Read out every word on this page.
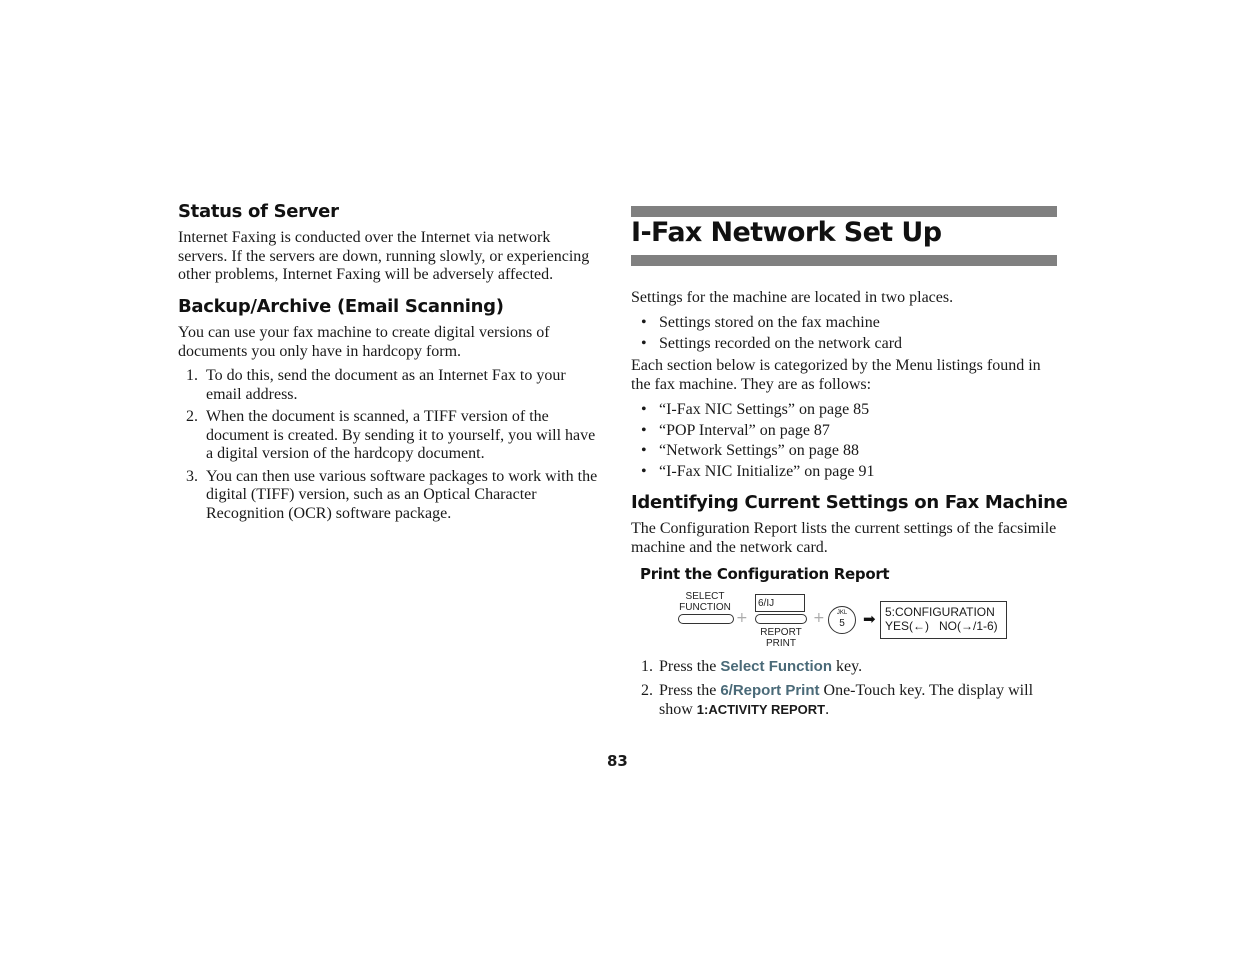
Status of Server
Internet Faxing is conducted over the Internet via network servers. If the servers are down, running slowly, or experiencing other problems, Internet Faxing will be adversely affected.
Backup/Archive (Email Scanning)
You can use your fax machine to create digital versions of documents you only have in hardcopy form.
1. To do this, send the document as an Internet Fax to your email address.
2. When the document is scanned, a TIFF version of the document is created. By sending it to yourself, you will have a digital version of the hardcopy document.
3. You can then use various software packages to work with the digital (TIFF) version, such as an Optical Character Recognition (OCR) software package.
I-Fax Network Set Up
Settings for the machine are located in two places.
• Settings stored on the fax machine
• Settings recorded on the network card
Each section below is categorized by the Menu listings found in the fax machine. They are as follows:
• “I-Fax NIC Settings” on page 85
• “POP Interval” on page 87
• “Network Settings” on page 88
• “I-Fax NIC Initialize” on page 91
Identifying Current Settings on Fax Machine
The Configuration Report lists the current settings of the facsimile machine and the network card.
Print the Configuration Report
SELECT
FUNCTION
+
6/IJ
REPORT
PRINT
+	JKL
5	➡ 5:CONFIGURATION
YES(←)   NO(→/1-6)
1. Press the Select Function key.
2. Press the 6/Report Print One-Touch key. The display will show 1:ACTIVITY REPORT.
83
